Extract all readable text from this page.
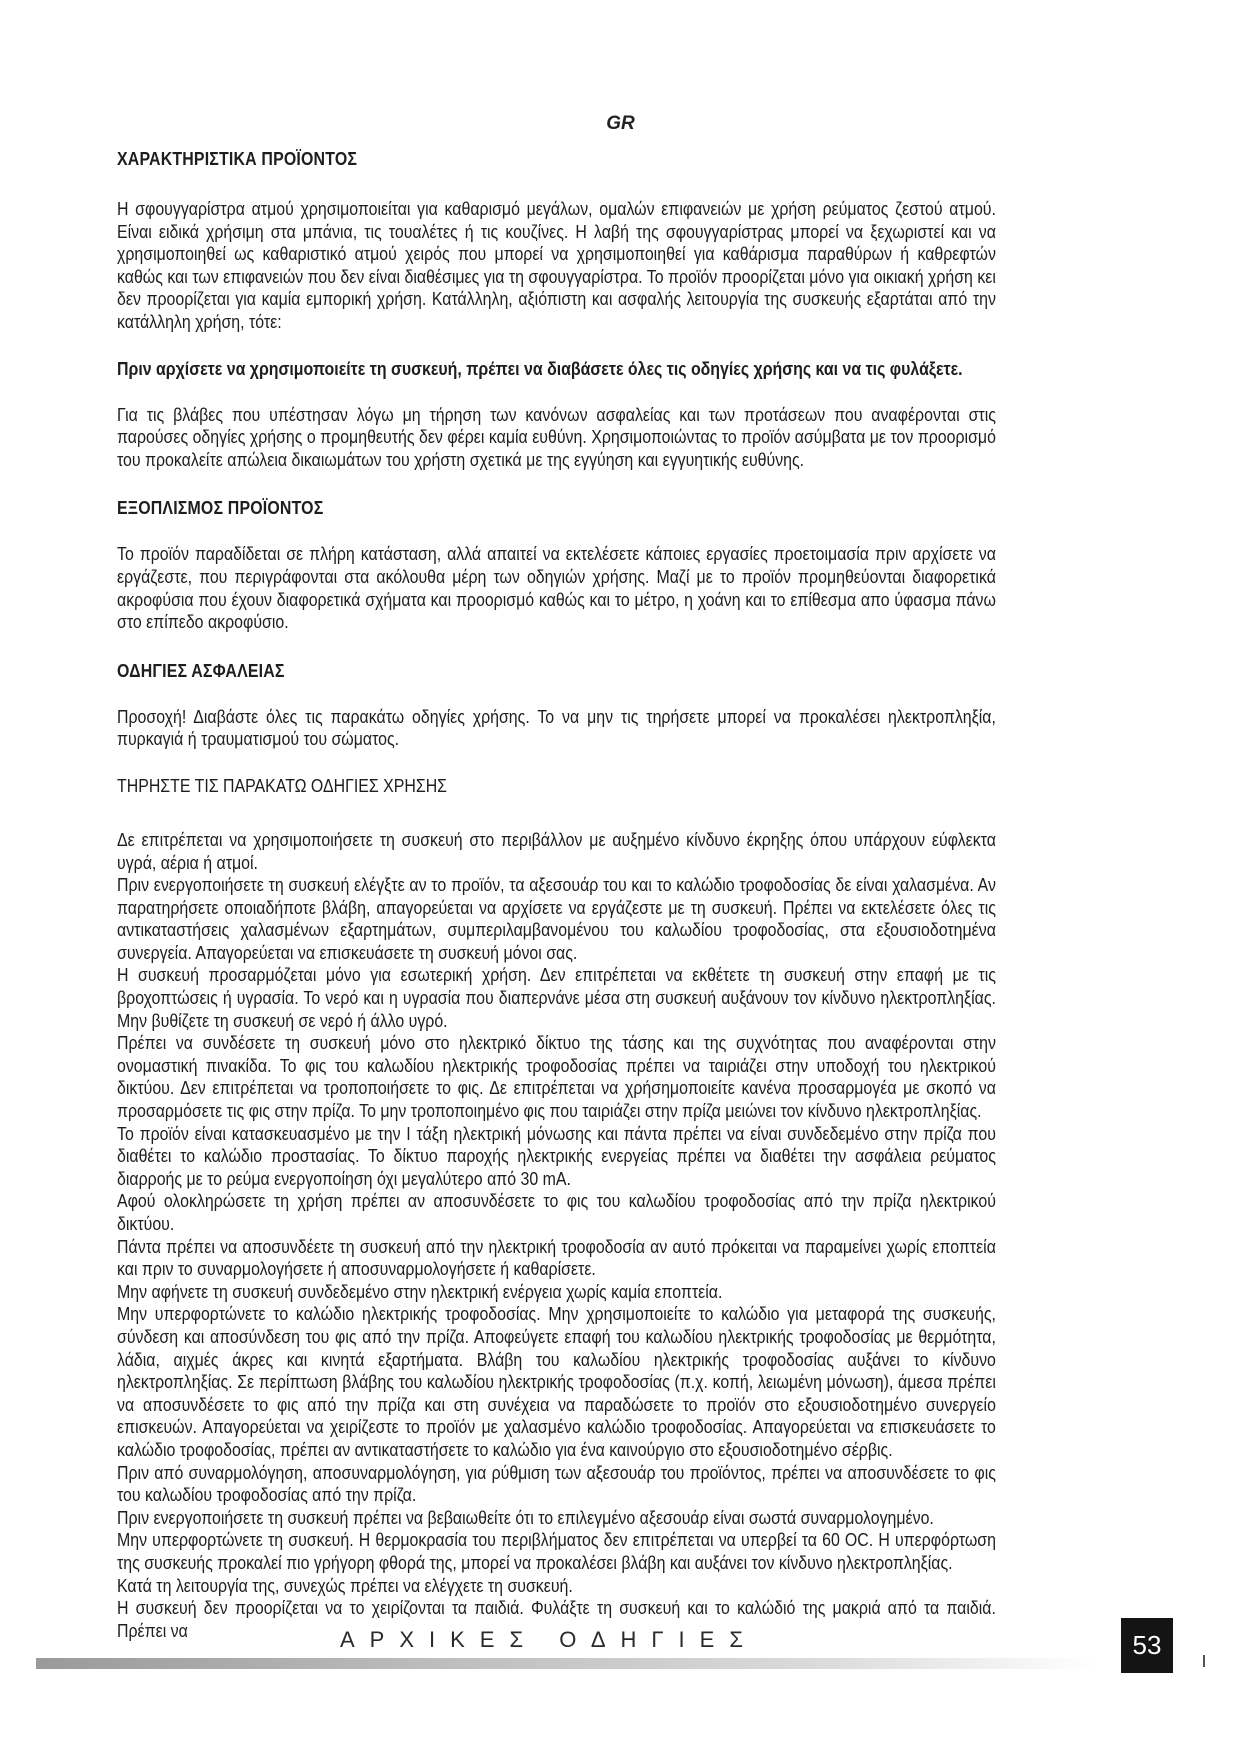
GR

ΧΑΡΑΚΤΗΡΙΣΤΙΚΑ ΠΡΟΪΟΝΤΟΣ

Η σφουγγαρίστρα ατμού χρησιμοποιείται για καθαρισμό μεγάλων, ομαλών επιφανειών με χρήση ρεύματος ζεστού ατμού. Είναι ειδικά χρήσιμη στα μπάνια, τις τουαλέτες ή τις κουζίνες. Η λαβή της σφουγγαρίστρας μπορεί να ξεχωριστεί και να χρησιμοποιηθεί ως καθαριστικό ατμού χειρός που μπορεί να χρησιμοποιηθεί για καθάρισμα παραθύρων ή καθρεφτών καθώς και των επιφανειών που δεν είναι διαθέσιμες για τη σφουγγαρίστρα. Το προϊόν προορίζεται μόνο για οικιακή χρήση κει δεν προορίζεται για καμία εμπορική χρήση. Κατάλληλη, αξιόπιστη και ασφαλής λειτουργία της συσκευής εξαρτάται από την κατάλληλη χρήση, τότε:

Πριν αρχίσετε να χρησιμοποιείτε τη συσκευή, πρέπει να διαβάσετε όλες τις οδηγίες χρήσης και να τις φυλάξετε.

Για τις βλάβες που υπέστησαν λόγω μη τήρηση των κανόνων ασφαλείας και των προτάσεων που αναφέρονται στις παρούσες οδηγίες χρήσης ο προμηθευτής δεν φέρει καμία ευθύνη. Χρησιμοποιώντας το προϊόν ασύμβατα με τον προορισμό του προκαλείτε απώλεια δικαιωμάτων του χρήστη σχετικά με της εγγύηση και εγγυητικής ευθύνης.

ΕΞΟΠΛΙΣΜΟΣ ΠΡΟΪΟΝΤΟΣ

Το προϊόν παραδίδεται σε πλήρη κατάσταση, αλλά απαιτεί να εκτελέσετε κάποιες εργασίες προετοιμασία πριν αρχίσετε να εργάζεστε, που περιγράφονται στα ακόλουθα μέρη των οδηγιών χρήσης. Μαζί με το προϊόν προμηθεύονται διαφορετικά ακροφύσια που έχουν διαφορετικά σχήματα και προορισμό καθώς και το μέτρο, η χοάνη και το επίθεσμα απο ύφασμα πάνω στο επίπεδο ακροφύσιο.

ΟΔΗΓΙΕΣ ΑΣΦΑΛΕΙΑΣ

Προσοχή! Διαβάστε όλες τις παρακάτω οδηγίες χρήσης. Το να μην τις τηρήσετε μπορεί να προκαλέσει ηλεκτροπληξία, πυρκαγιά ή τραυματισμού του σώματος.

ΤΗΡΗΣΤΕ ΤΙΣ ΠΑΡΑΚΑΤΩ ΟΔΗΓΙΕΣ ΧΡΗΣΗΣ

Δε επιτρέπεται να χρησιμοποιήσετε τη συσκευή στο περιβάλλον με αυξημένο κίνδυνο έκρηξης όπου υπάρχουν εύφλεκτα υγρά, αέρια ή ατμοί.

Πριν ενεργοποιήσετε τη συσκευή ελέγξτε αν το προϊόν, τα αξεσουάρ του και το καλώδιο τροφοδοσίας δε είναι χαλασμένα. Αν παρατηρήσετε οποιαδήποτε βλάβη, απαγορεύεται να αρχίσετε να εργάζεστε με τη συσκευή. Πρέπει να εκτελέσετε όλες τις αντικαταστήσεις χαλασμένων εξαρτημάτων, συμπεριλαμβανομένου του καλωδίου τροφοδοσίας, στα εξουσιοδοτημένα συνεργεία. Απαγορεύεται να επισκευάσετε τη συσκευή μόνοι σας.

Η συσκευή προσαρμόζεται μόνο για εσωτερική χρήση. Δεν επιτρέπεται να εκθέτετε τη συσκευή στην επαφή με τις βροχοπτώσεις ή υγρασία. Το νερό και η υγρασία που διαπερνάνε μέσα στη συσκευή αυξάνουν τον κίνδυνο ηλεκτροπληξίας. Μην βυθίζετε τη συσκευή σε νερό ή άλλο υγρό.

Πρέπει να συνδέσετε τη συσκευή μόνο στο ηλεκτρικό δίκτυο της τάσης και της συχνότητας που αναφέρονται στην ονομαστική πινακίδα. Το φις του καλωδίου ηλεκτρικής τροφοδοσίας πρέπει να ταιριάζει στην υποδοχή του ηλεκτρικού δικτύου. Δεν επιτρέπεται να τροποποιήσετε το φις. Δε επιτρέπεται να χρήσημοποιείτε κανένα προσαρμογέα με σκοπό να προσαρμόσετε τις φις στην πρίζα. Το μην τροποποιημένο φις που ταιριάζει στην πρίζα μειώνει τον κίνδυνο ηλεκτροπληξίας.

Το προϊόν είναι κατασκευασμένο με την I τάξη ηλεκτρική μόνωσης και πάντα πρέπει να είναι συνδεδεμένο στην πρίζα που διαθέτει το καλώδιο προστασίας. Το δίκτυο παροχής ηλεκτρικής ενεργείας πρέπει να διαθέτει την ασφάλεια ρεύματος διαρροής με το ρεύμα ενεργοποίηση όχι μεγαλύτερο από 30 mA.

Αφού ολοκληρώσετε τη χρήση πρέπει αν αποσυνδέσετε το φις του καλωδίου τροφοδοσίας από την πρίζα ηλεκτρικού δικτύου.

Πάντα πρέπει να αποσυνδέετε τη συσκευή από την ηλεκτρική τροφοδοσία αν αυτό πρόκειται να παραμείνει χωρίς εποπτεία και πριν το συναρμολογήσετε ή αποσυναρμολογήσετε ή καθαρίσετε.

Μην αφήνετε τη συσκευή συνδεδεμένο στην ηλεκτρική ενέργεια χωρίς καμία εποπτεία.

Μην υπερφορτώνετε το καλώδιο ηλεκτρικής τροφοδοσίας. Μην χρησιμοποιείτε το καλώδιο για μεταφορά της συσκευής, σύνδεση και αποσύνδεση του φις από την πρίζα. Αποφεύγετε επαφή του καλωδίου ηλεκτρικής τροφοδοσίας με θερμότητα, λάδια, αιχμές άκρες και κινητά εξαρτήματα. Βλάβη του καλωδίου ηλεκτρικής τροφοδοσίας αυξάνει το κίνδυνο ηλεκτροπληξίας. Σε περίπτωση βλάβης του καλωδίου ηλεκτρικής τροφοδοσίας (π.χ. κοπή, λειωμένη μόνωση), άμεσα πρέπει να αποσυνδέσετε το φις από την πρίζα και στη συνέχεια να παραδώσετε το προϊόν στο εξουσιοδοτημένο συνεργείο επισκευών. Απαγορεύεται να χειρίζεστε το προϊόν με χαλασμένο καλώδιο τροφοδοσίας. Απαγορεύεται να επισκευάσετε το καλώδιο τροφοδοσίας, πρέπει αν αντικαταστήσετε το καλώδιο για ένα καινούργιο στο εξουσιοδοτημένο σέρβις.

Πριν από συναρμολόγηση, αποσυναρμολόγηση, για ρύθμιση των αξεσουάρ του προϊόντος, πρέπει να αποσυνδέσετε το φις του καλωδίου τροφοδοσίας από την πρίζα.

Πριν ενεργοποιήσετε τη συσκευή πρέπει να βεβαιωθείτε ότι το επιλεγμένο αξεσουάρ είναι σωστά συναρμολογημένο.

Μην υπερφορτώνετε τη συσκευή. Η θερμοκρασία του περιβλήματος δεν επιτρέπεται να υπερβεί τα 60 OC. Η υπερφόρτωση της συσκευής προκαλεί πιο γρήγορη φθορά της, μπορεί να προκαλέσει βλάβη και αυξάνει τον κίνδυνο ηλεκτροπληξίας.

Κατά τη λειτουργία της, συνεχώς πρέπει να ελέγχετε τη συσκευή.

Η συσκευή δεν προορίζεται να το χειρίζονται τα παιδιά. Φυλάξτε τη συσκευή και το καλώδιό της μακριά από τα παιδιά. Πρέπει να	ΑΡΧΙΚΕΣ ΟΔΗΓΙΕΣ	53
